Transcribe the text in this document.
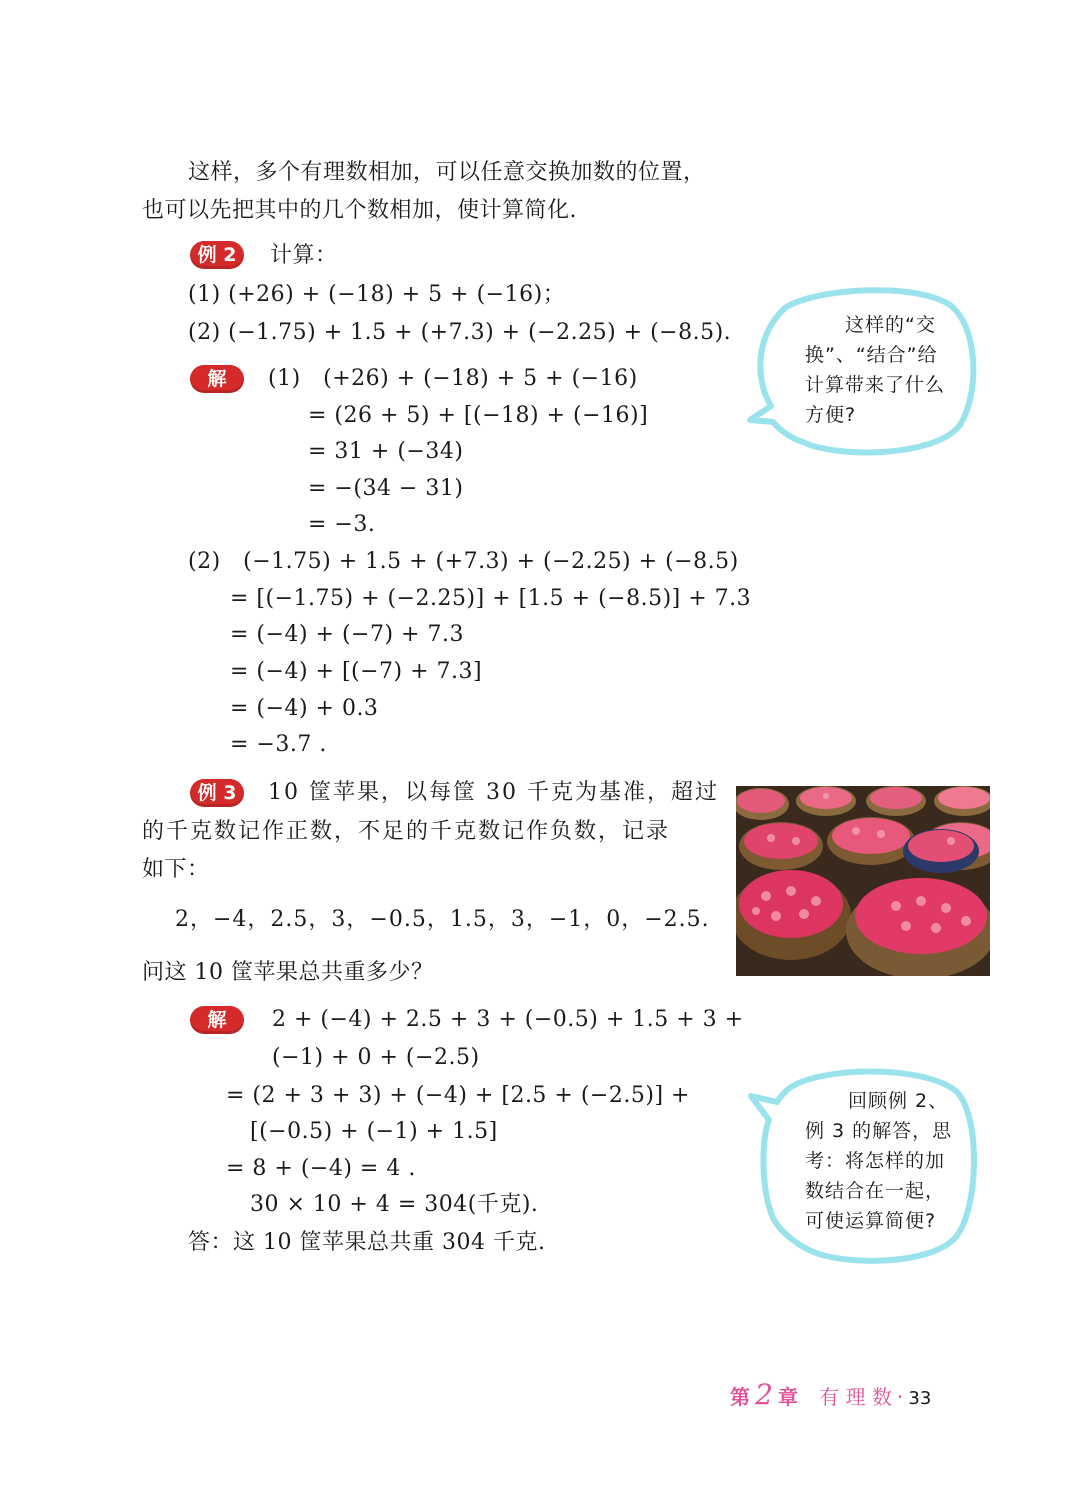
这样，多个有理数相加，可以任意交换加数的位置，
也可以先把其中的几个数相加，使计算简化.
例 2	计算：
(1) (+26) + (−18) + 5 + (−16)；
(2) (−1.75) + 1.5 + (+7.3) + (−2.25) + (−8.5).
解	(1)   (+26) + (−18) + 5 + (−16)
= (26 + 5) + [(−18) + (−16)]
= 31 + (−34)
= −(34 − 31)
= −3.
(2)   (−1.75) + 1.5 + (+7.3) + (−2.25) + (−8.5)
= [(−1.75) + (−2.25)] + [1.5 + (−8.5)] + 7.3
= (−4) + (−7) + 7.3
= (−4) + [(−7) + 7.3]
= (−4) + 0.3
= −3.7 .
这样的“交
换”、“结合”给
计算带来了什么
方便?
例 3	10 筐苹果，以每筐 30 千克为基准，超过
的千克数记作正数，不足的千克数记作负数，记录
如下：
2，−4，2.5，3，−0.5，1.5，3，−1，0，−2.5.
问这 10 筐苹果总共重多少？
解	2 + (−4) + 2.5 + 3 + (−0.5) + 1.5 + 3 +
(−1) + 0 + (−2.5)
= (2 + 3 + 3) + (−4) + [2.5 + (−2.5)] +
[(−0.5) + (−1) + 1.5]
= 8 + (−4) = 4 .
30 × 10 + 4 = 304(千克).
答：这 10 筐苹果总共重 304 千克.
回顾例 2、
例 3 的解答，思
考：将怎样的加
数结合在一起，
可使运算简便?
第 2 章 有 理 数 · 33
